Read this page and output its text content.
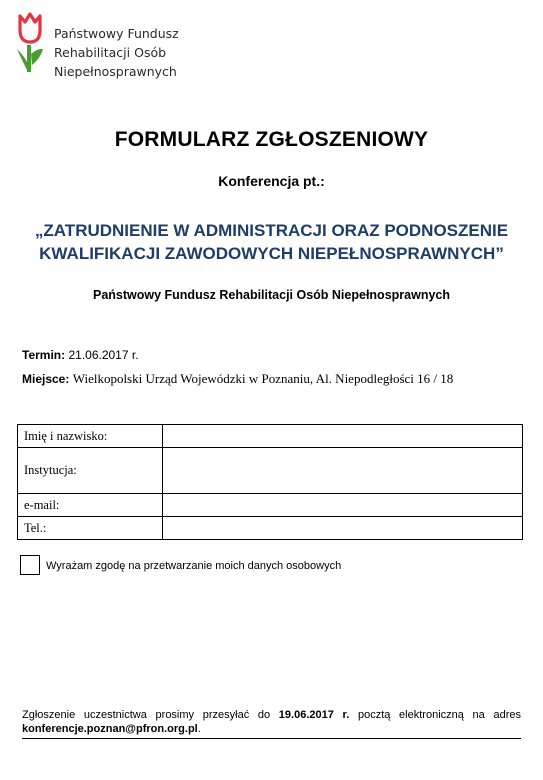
Państwowy Fundusz
Rehabilitacji Osób
Niepełnosprawnych
FORMULARZ ZGŁOSZENIOWY
Konferencja pt.:
„ZATRUDNIENIE W ADMINISTRACJI ORAZ PODNOSZENIE
KWALIFIKACJI ZAWODOWYCH NIEPEŁNOSPRAWNYCH”
Państwowy Fundusz Rehabilitacji Osób Niepełnosprawnych
Termin: 21.06.2017 r.
Miejsce: Wielkopolski Urząd Wojewódzki w Poznaniu, Al. Niepodległości 16 / 18
Imię i nazwisko:	
Instytucja:	
e-mail:	
Tel.:	
Wyrażam zgodę na przetwarzanie moich danych osobowych
Zgłoszenie uczestnictwa prosimy przesyłać do 19.06.2017 r. pocztą elektroniczną na adres
konferencje.poznan@pfron.org.pl.
